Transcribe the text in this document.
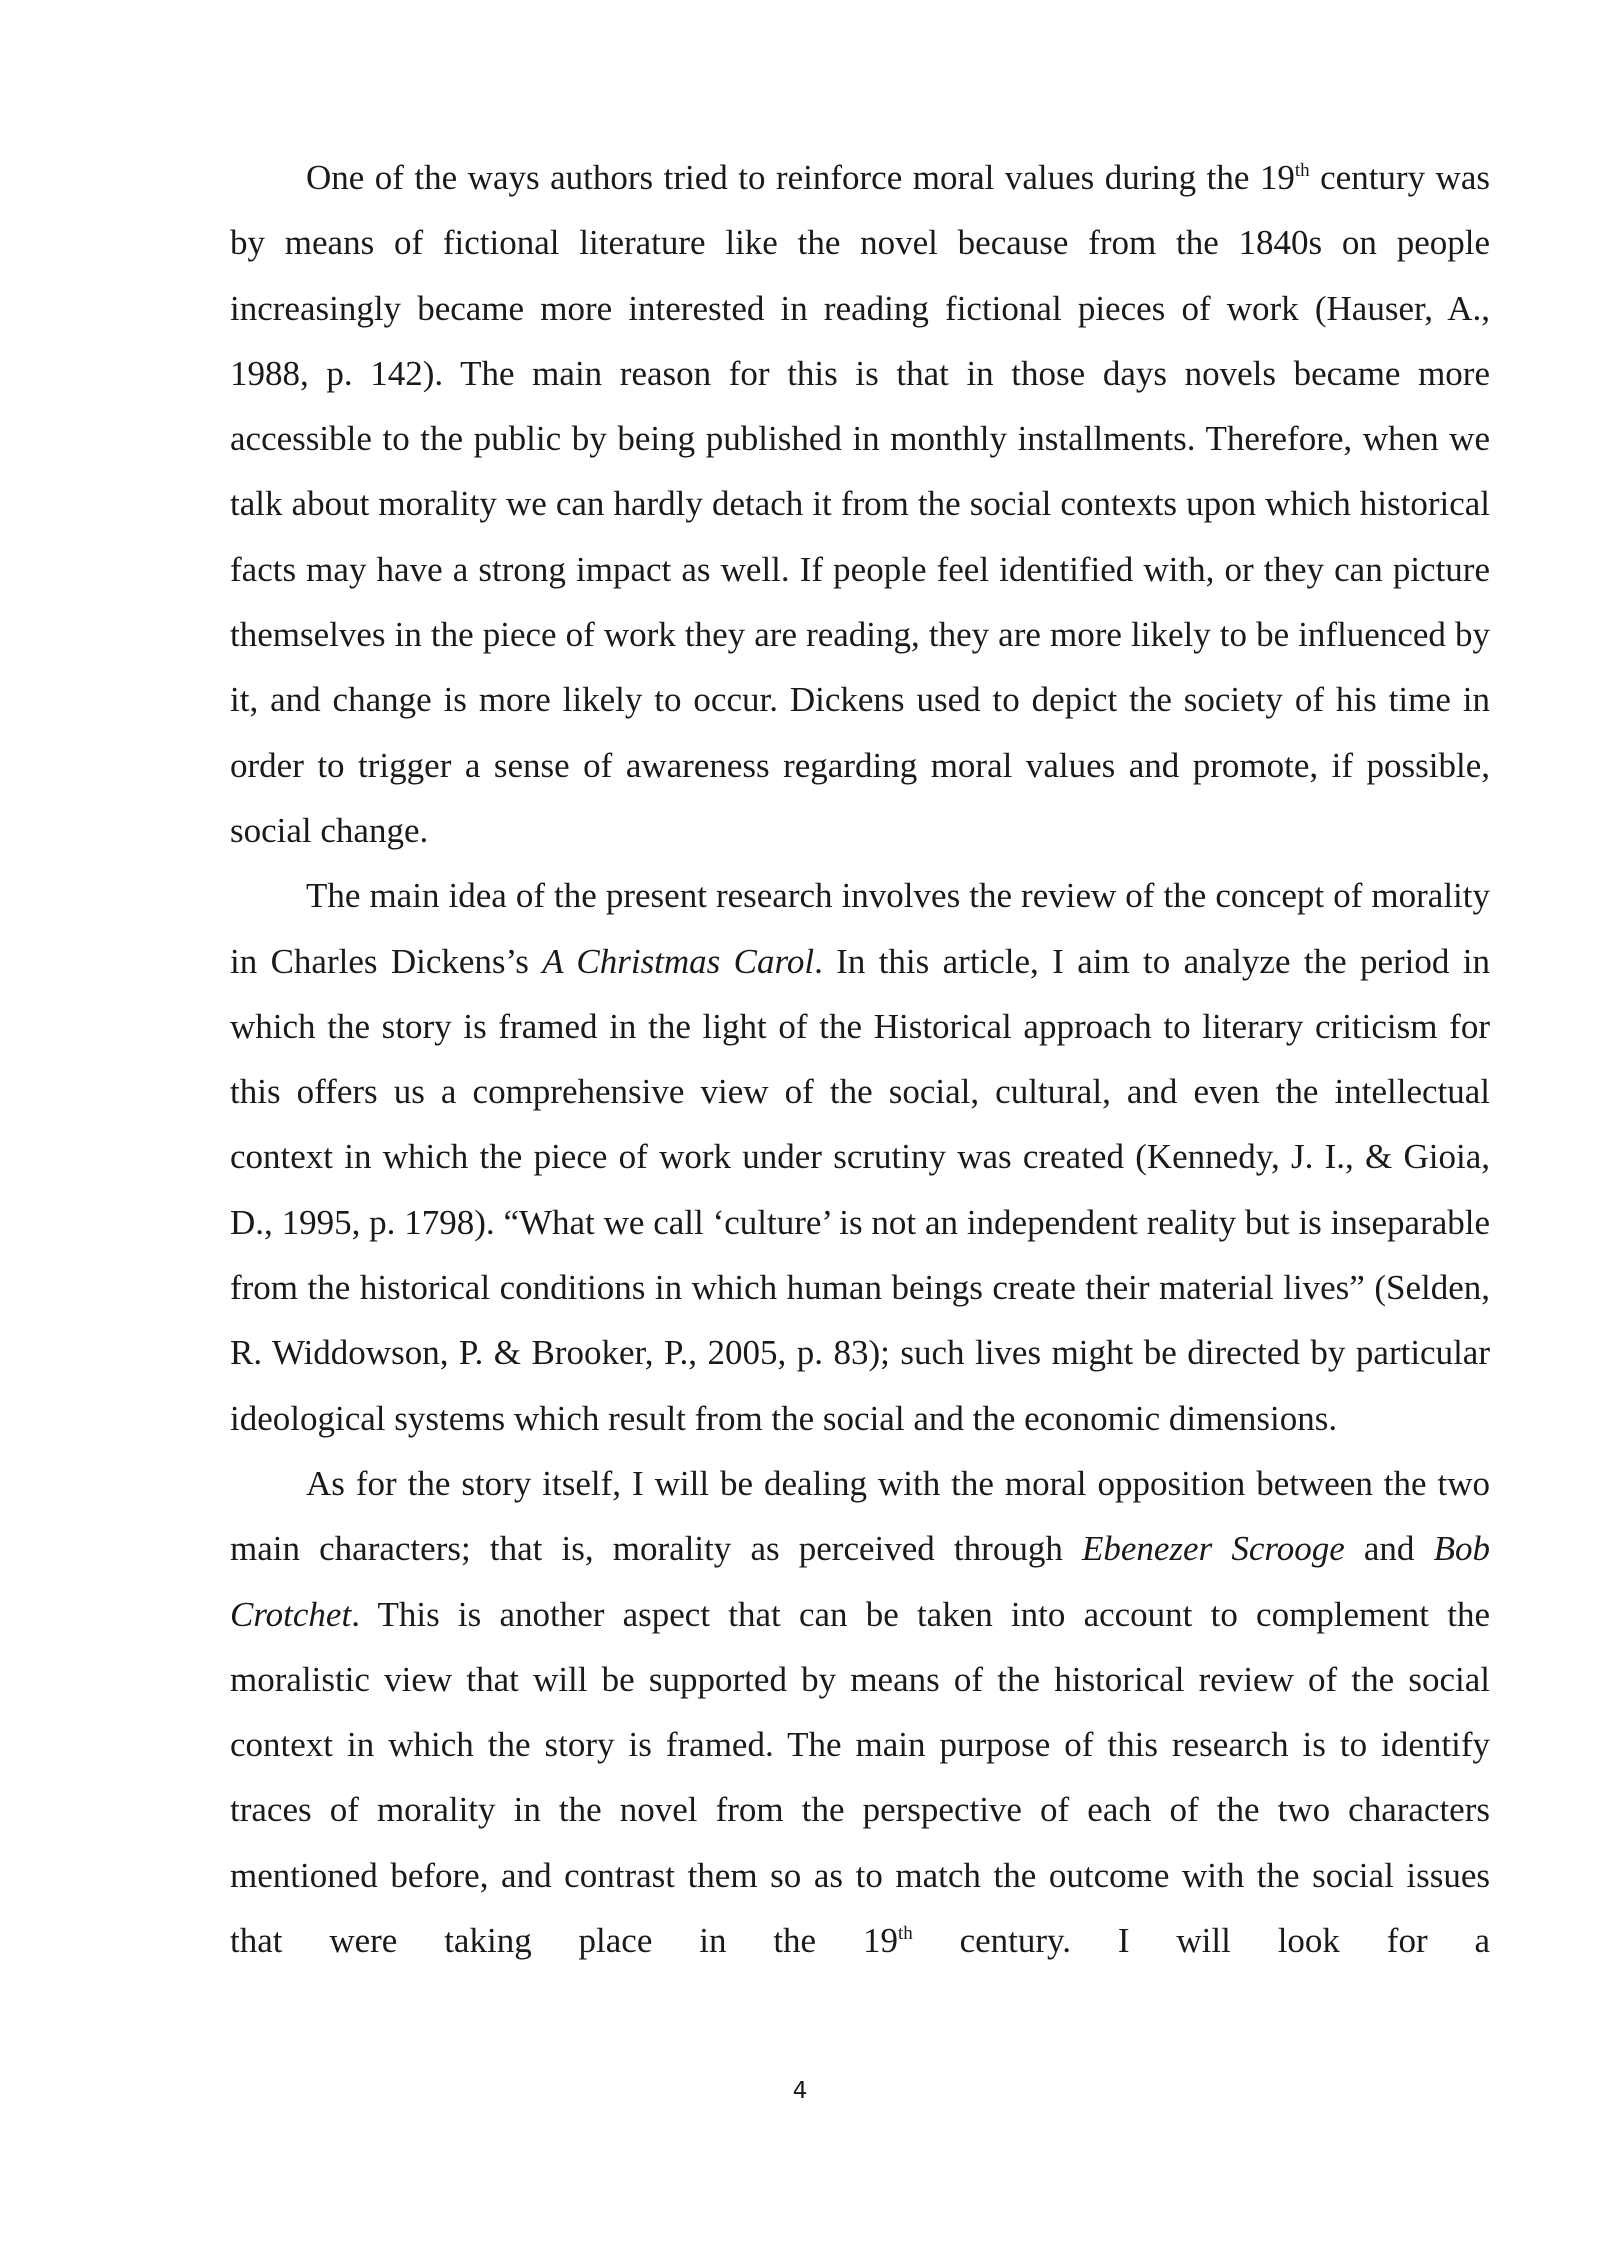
One of the ways authors tried to reinforce moral values during the 19th century was by means of fictional literature like the novel because from the 1840s on people increasingly became more interested in reading fictional pieces of work (Hauser, A., 1988, p. 142). The main reason for this is that in those days novels became more accessible to the public by being published in monthly installments. Therefore, when we talk about morality we can hardly detach it from the social contexts upon which historical facts may have a strong impact as well. If people feel identified with, or they can picture themselves in the piece of work they are reading, they are more likely to be influenced by it, and change is more likely to occur. Dickens used to depict the society of his time in order to trigger a sense of awareness regarding moral values and promote, if possible, social change.

The main idea of the present research involves the review of the concept of morality in Charles Dickens’s A Christmas Carol. In this article, I aim to analyze the period in which the story is framed in the light of the Historical approach to literary criticism for this offers us a comprehensive view of the social, cultural, and even the intellectual context in which the piece of work under scrutiny was created (Kennedy, J. I., & Gioia, D., 1995, p. 1798). “What we call ‘culture’ is not an independent reality but is inseparable from the historical conditions in which human beings create their material lives” (Selden, R. Widdowson, P. & Brooker, P., 2005, p. 83); such lives might be directed by particular ideological systems which result from the social and the economic dimensions.

As for the story itself, I will be dealing with the moral opposition between the two main characters; that is, morality as perceived through Ebenezer Scrooge and Bob Crotchet. This is another aspect that can be taken into account to complement the moralistic view that will be supported by means of the historical review of the social context in which the story is framed. The main purpose of this research is to identify traces of morality in the novel from the perspective of each of the two characters mentioned before, and contrast them so as to match the outcome with the social issues that were taking place in the 19th century. I will look for a

4
